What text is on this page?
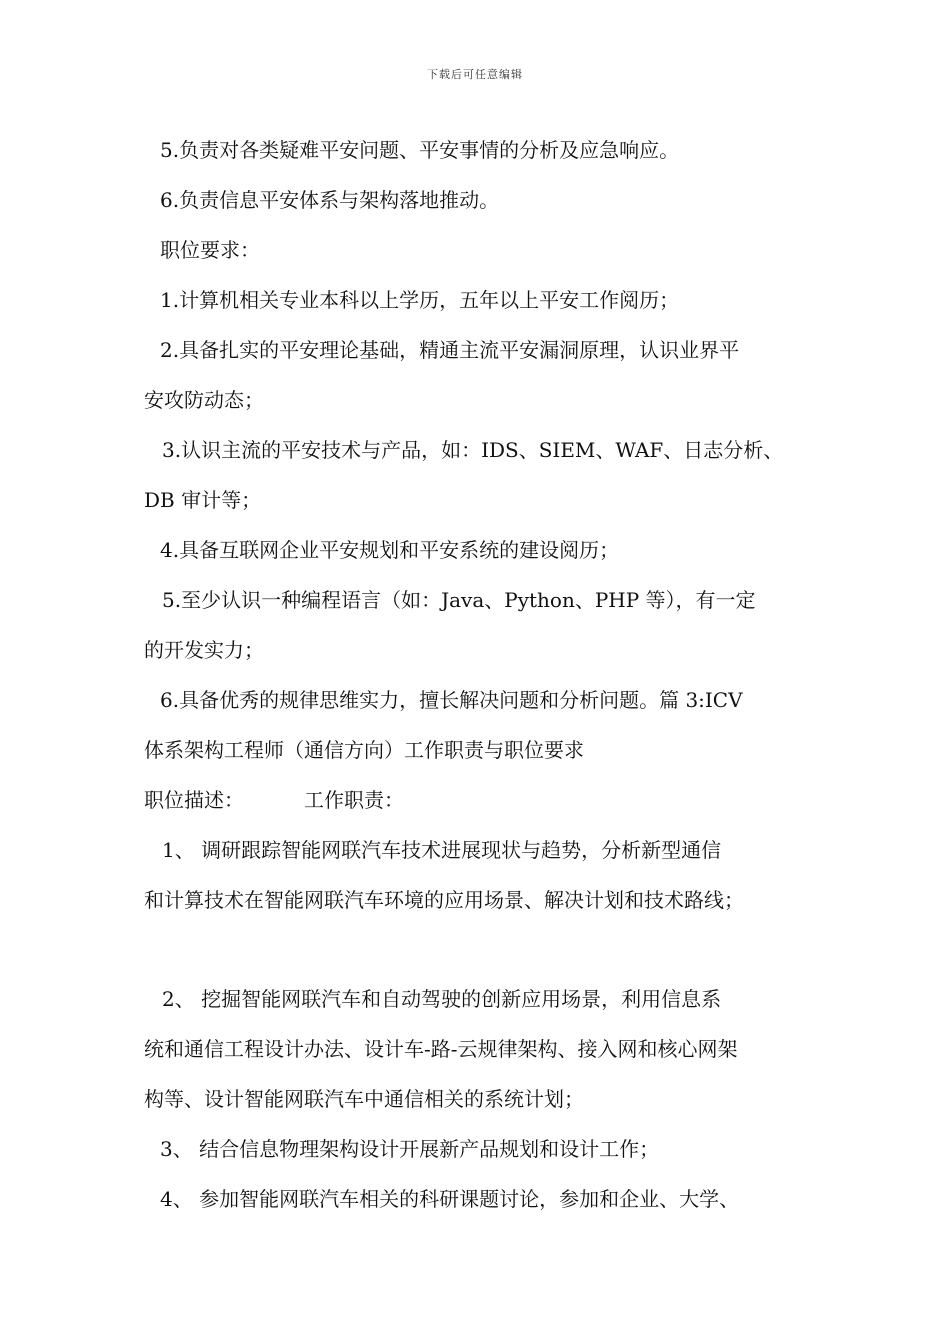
下载后可任意编辑
5.负责对各类疑难平安问题、平安事情的分析及应急响应。
6.负责信息平安体系与架构落地推动。
职位要求：
1.计算机相关专业本科以上学历，五年以上平安工作阅历；
2.具备扎实的平安理论基础，精通主流平安漏洞原理，认识业界平
安攻防动态；
3.认识主流的平安技术与产品，如：IDS、SIEM、WAF、日志分析、
DB 审计等；
4.具备互联网企业平安规划和平安系统的建设阅历；
5.至少认识一种编程语言（如：Java、Python、PHP 等），有一定
的开发实力；
6.具备优秀的规律思维实力，擅长解决问题和分析问题。篇 3:ICV
体系架构工程师（通信方向）工作职责与职位要求
职位描述：	工作职责：
1、 调研跟踪智能网联汽车技术进展现状与趋势，分析新型通信
和计算技术在智能网联汽车环境的应用场景、解决计划和技术路线；
2、 挖掘智能网联汽车和自动驾驶的创新应用场景，利用信息系
统和通信工程设计办法、设计车-路-云规律架构、接入网和核心网架
构等、设计智能网联汽车中通信相关的系统计划；
3、 结合信息物理架构设计开展新产品规划和设计工作；
4、 参加智能网联汽车相关的科研课题讨论，参加和企业、大学、
